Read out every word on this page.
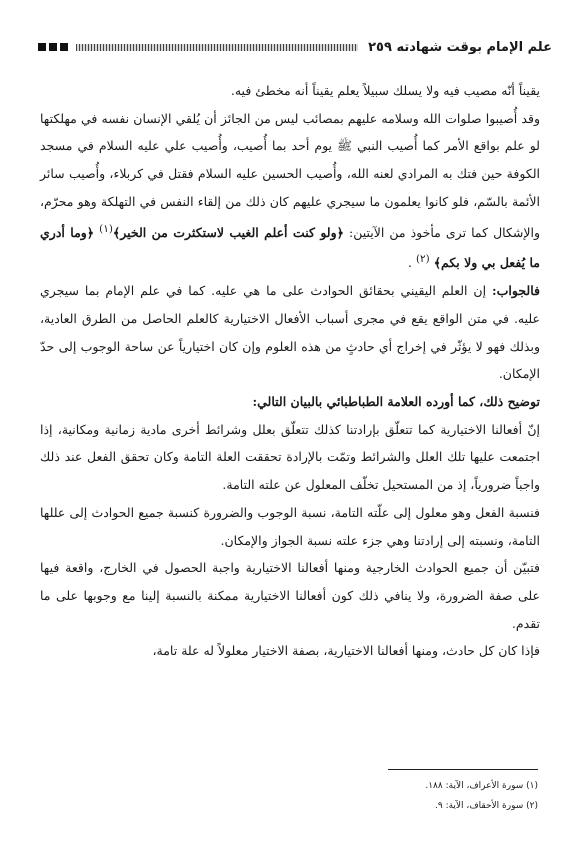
علم الإمام بوقت شهادته ٢٥٩

يقيناً أنّه مصيب فيه ولا يسلك سبيلاً يعلم يقيناً أنه مخطئ فيه.

وقد أُصيبوا صلوات الله وسلامه عليهم بمصائب ليس من الجائز أن يُلقي الإنسان نفسه في مهلكتها لو علم بواقع الأمر كما أُصيب النبي ﷺ يوم أحد بما أُصيب، وأُصيب علي عليه السلام في مسجد الكوفة حين فتك به المرادي لعنه الله، وأُصيب الحسين عليه السلام فقتل في كربلاء، وأُصيب سائر الأئمة بالسّم، فلو كانوا يعلمون ما سيجري عليهم كان ذلك من إلقاء النفس في التهلكة وهو محرّم، والإشكال كما ترى مأخوذ من الآيتين: ﴿ولو كنت أعلم الغيب لاستكثرت من الخير﴾$^{(١)}$ ﴿وما أدري ما يُفعل بي ولا بكم﴾ $^{(٢)}$ .

فالجواب: إن العلم اليقيني بحقائق الحوادث على ما هي عليه. كما في علم الإمام بما سيجري عليه. في متن الواقع يقع في مجرى أسباب الأفعال الاختيارية كالعلم الحاصل من الطرق العادية، وبذلك فهو لا يؤثّر في إخراج أي حادثٍ من هذه العلوم وإن كان اختيارياً عن ساحة الوجوب إلى حدّ الإمكان.

توضيح ذلك، كما أورده العلامة الطباطبائي بالبيان التالي:

إنّ أفعالنا الاختيارية كما تتعلّق بإرادتنا كذلك تتعلّق بعلل وشرائط أخرى مادية زمانية ومكانية، إذا اجتمعت عليها تلك العلل والشرائط وتمّت بالإرادة تحققت العلة التامة وكان تحقق الفعل عند ذلك واجباً ضرورياً، إذ من المستحيل تخلّف المعلول عن علته التامة.

فنسبة الفعل وهو معلول إلى علّته التامة، نسبة الوجوب والضرورة كنسبة جميع الحوادث إلى عللها التامة، ونسبته إلى إرادتنا وهي جزء علته نسبة الجواز والإمكان.

فتبيّن أن جميع الحوادث الخارجية ومنها أفعالنا الاختيارية واجبة الحصول في الخارج، واقعة فيها على صفة الضرورة، ولا ينافي ذلك كون أفعالنا الاختيارية ممكنة بالنسبة إلينا مع وجوبها على ما تقدم.

فإذا كان كل حادث، ومنها أفعالنا الاختيارية، بصفة الاختيار معلولاً له علة تامة،

(١) سورة الأعراف، الآية: ١٨٨.
(٢) سورة الأحقاف، الآية: ٩.
